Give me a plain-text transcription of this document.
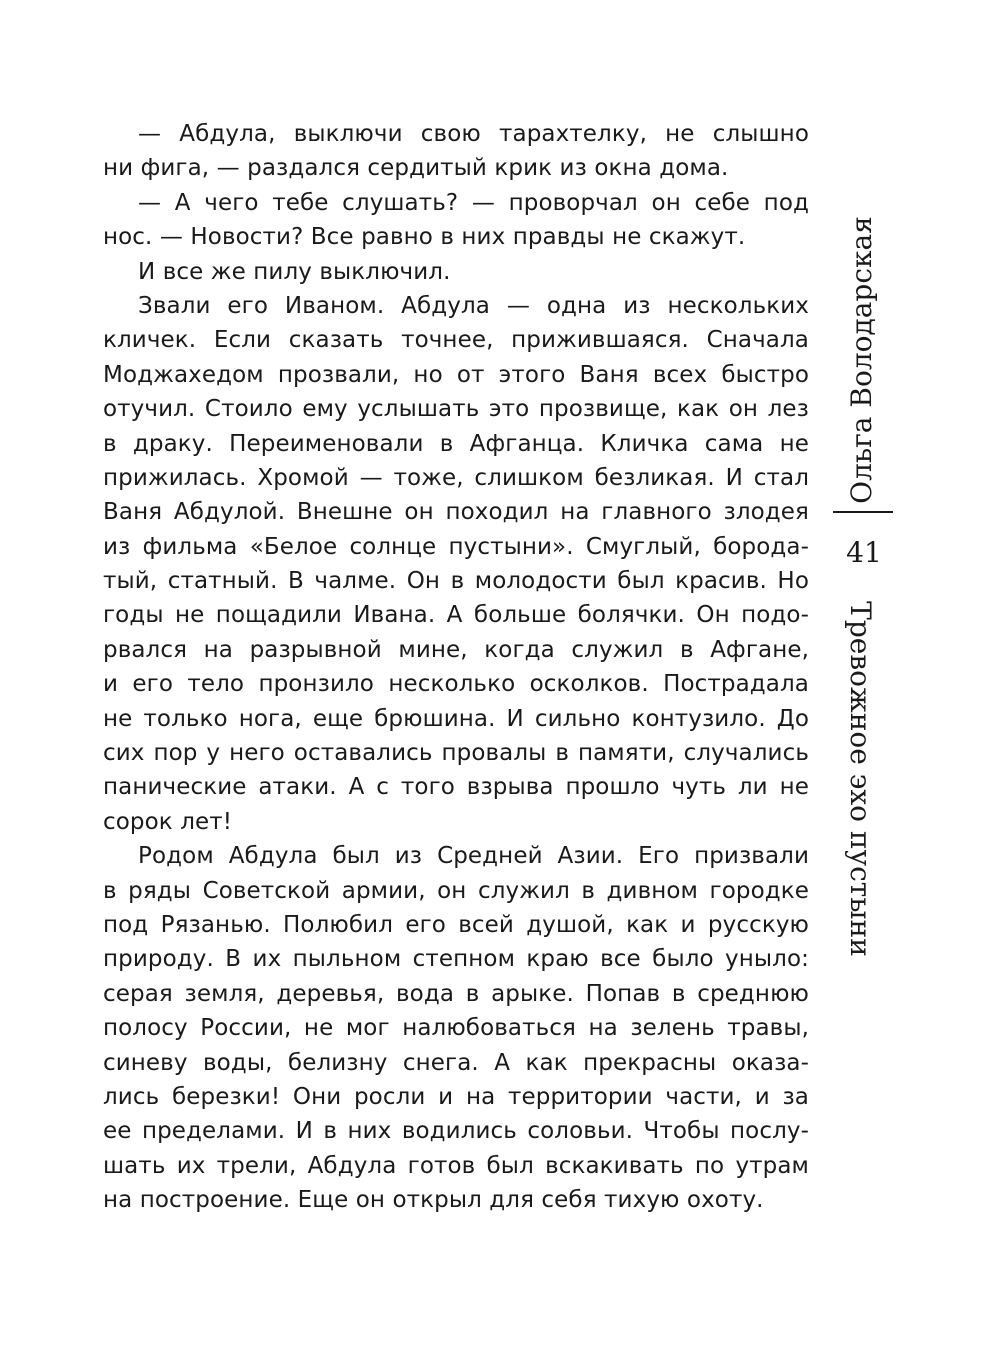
— Абдула, выключи свою тарахтелку, не слышно
ни фига, — раздался сердитый крик из окна дома.
— А чего тебе слушать? — проворчал он себе под
нос. — Новости? Все равно в них правды не скажут.
И все же пилу выключил.
Звали его Иваном. Абдула — одна из нескольких
кличек. Если сказать точнее, прижившаяся. Сначала
Моджахедом прозвали, но от этого Ваня всех быстро
отучил. Стоило ему услышать это прозвище, как он лез
в драку. Переименовали в Афганца. Кличка сама не
прижилась. Хромой — тоже, слишком безликая. И стал
Ваня Абдулой. Внешне он походил на главного злодея
из фильма «Белое солнце пустыни». Смуглый, борода-
тый, статный. В чалме. Он в молодости был красив. Но
годы не пощадили Ивана. А больше болячки. Он подо-
рвался на разрывной мине, когда служил в Афгане,
и его тело пронзило несколько осколков. Пострадала
не только нога, еще брюшина. И сильно контузило. До
сих пор у него оставались провалы в памяти, случались
панические атаки. А с того взрыва прошло чуть ли не
сорок лет!
Родом Абдула был из Средней Азии. Его призвали
в ряды Советской армии, он служил в дивном городке
под Рязанью. Полюбил его всей душой, как и русскую
природу. В их пыльном степном краю все было уныло:
серая земля, деревья, вода в арыке. Попав в среднюю
полосу России, не мог налюбоваться на зелень травы,
синеву воды, белизну снега. А как прекрасны оказа-
лись березки! Они росли и на территории части, и за
ее пределами. И в них водились соловьи. Чтобы послу-
шать их трели, Абдула готов был вскакивать по утрам
на построение. Еще он открыл для себя тихую охоту.
Ольга Володарская
41
Тревожное эхо пустыни
